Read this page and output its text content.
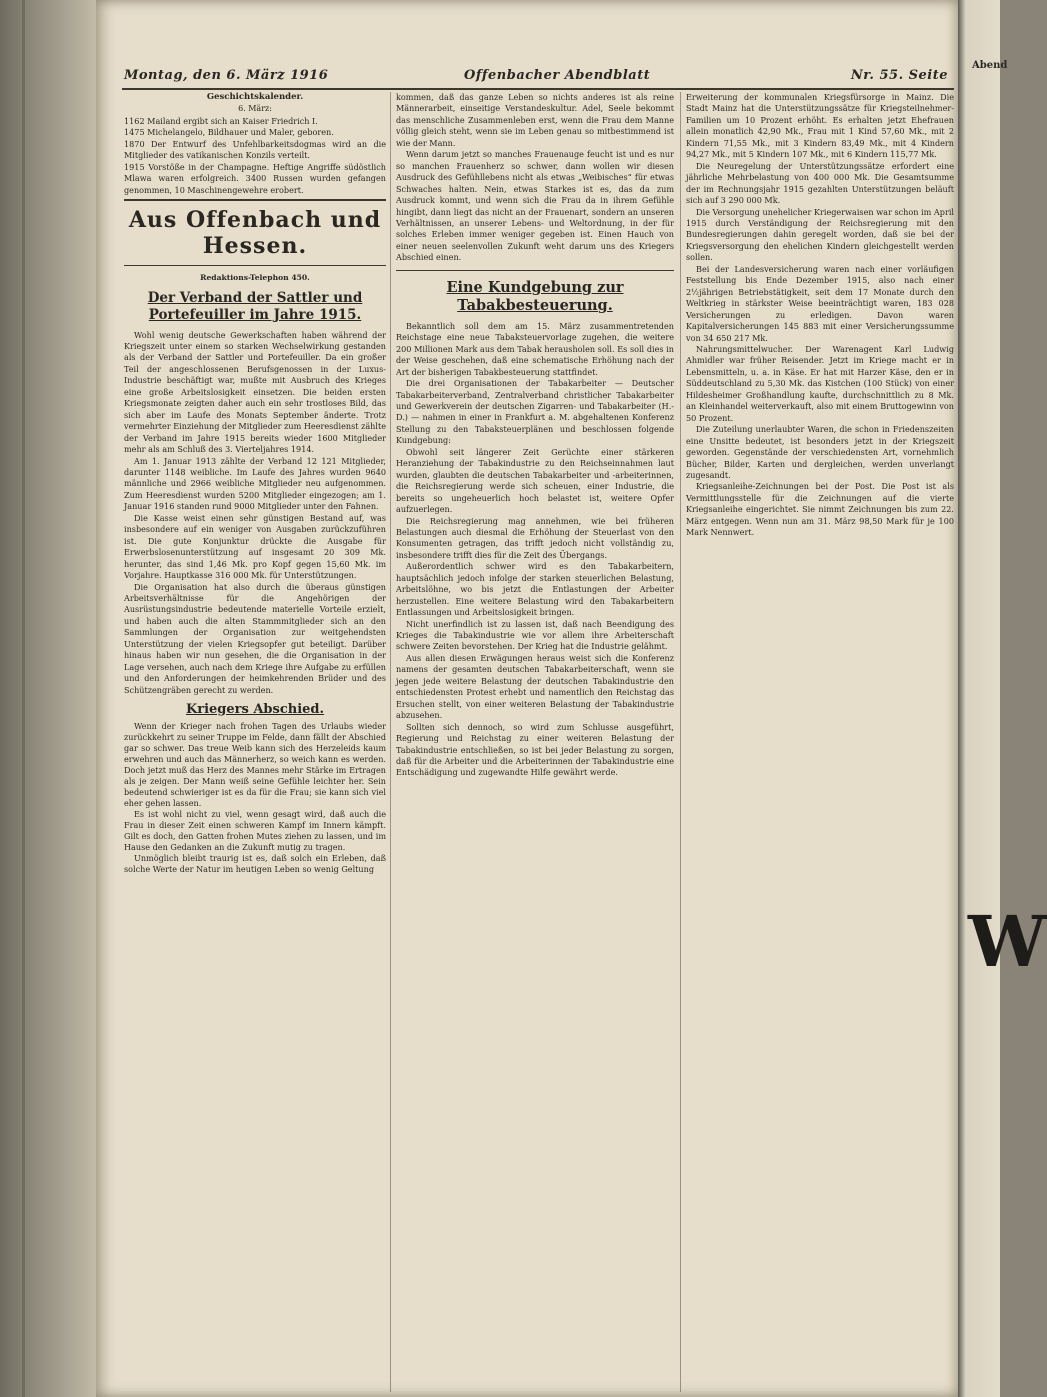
Montag, den 6. März 1916	Offenbacher Abendblatt	Nr. 55. Seite
Geschichtskalender.
6. März:
1162 Mailand ergibt sich an Kaiser Friedrich I.
1475 Michelangelo, Bildhauer und Maler, geboren.
1870 Der Entwurf des Unfehlbarkeitsdogmas wird an die Mitglieder des vatikanischen Konzils verteilt.
1915 Vorstöße in der Champagne. Heftige Angriffe südöstlich Mlawa waren erfolgreich. 3400 Russen wurden gefangen genommen, 10 Maschinengewehre erobert.
Aus Offenbach und Hessen.
Redaktions-Telephon 450.
Der Verband der Sattler und Portefeuiller im Jahre 1915.

Wohl wenig deutsche Gewerkschaften haben während der Kriegszeit unter einem so starken Wechselwirkung gestanden als der Verband der Sattler und Portefeuiller. Da ein großer Teil der angeschlossenen Berufsgenossen in der Luxus-Industrie beschäftigt war, mußte mit Ausbruch des Krieges eine große Arbeitslosigkeit einsetzen. Die beiden ersten Kriegsmonate zeigten daher auch ein sehr trostloses Bild, das sich aber im Laufe des Monats September änderte. Trotz vermehrter Einziehung der Mitglieder zum Heeresdienst zählte der Verband im Jahre 1915 bereits wieder 1600 Mitglieder mehr als am Schluß des 3. Vierteljahres 1914.

Am 1. Januar 1913 zählte der Verband 12 121 Mitglieder, darunter 1148 weibliche. Im Laufe des Jahres wurden 9640 männliche und 2966 weibliche Mitglieder neu aufgenommen. Zum Heeresdienst wurden 5200 Mitglieder eingezogen; am 1. Januar 1916 standen rund 9000 Mitglieder unter den Fahnen.

Die Kasse weist einen sehr günstigen Bestand auf, was insbesondere auf ein weniger von Ausgaben zurückzuführen ist. Die gute Konjunktur drückte die Ausgabe für Erwerbslosenunterstützung auf insgesamt 20 309 Mk. herunter, das sind 1,46 Mk. pro Kopf gegen 15,60 Mk. im Vorjahre. Hauptkasse 316 000 Mk. für Unterstützungen.

Die Organisation hat also durch die überaus günstigen Arbeitsverhältnisse für die Angehörigen der Ausrüstungsindustrie bedeutende materielle Vorteile erzielt, und haben auch die alten Stammmitglieder sich an den Sammlungen der Organisation zur weitgehendsten Unterstützung der vielen Kriegsopfer gut beteiligt. Darüber hinaus haben wir nun gesehen, die die Organisation in der Lage versehen, auch nach dem Kriege ihre Aufgabe zu erfüllen und den Anforderungen der heimkehrenden Brüder und des Schützengräben gerecht zu werden.

Kriegers Abschied.

Wenn der Krieger nach frohen Tagen des Urlaubs wieder zurückkehrt zu seiner Truppe im Felde, dann fällt der Abschied gar so schwer. Das treue Weib kann sich des Herzeleids kaum erwehren und auch das Männerherz, so weich kann es werden. Doch jetzt muß das Herz des Mannes mehr Stärke im Ertragen als je zeigen. Der Mann weiß seine Gefühle leichter her. Sein bedeutend schwieriger ist es da für die Frau; sie kann sich viel eher gehen lassen.

Es ist wohl nicht zu viel, wenn gesagt wird, daß auch die Frau in dieser Zeit einen schweren Kampf im Innern kämpft. Gilt es doch, den Gatten frohen Mutes ziehen zu lassen, und im Hause den Gedanken an die Zukunft mutig zu tragen.

Unmöglich bleibt traurig ist es, daß solch ein Erleben, daß solche Werte der Natur im heutigen Leben so wenig Geltung

kommen, daß das ganze Leben so nichts anderes ist als reine Männerarbeit, einseitige Verstandeskultur. Adel, Seele bekommt das menschliche Zusammenleben erst, wenn die Frau dem Manne völlig gleich steht, wenn sie im Leben genau so mitbestimmend ist wie der Mann.

Wenn darum jetzt so manches Frauenauge feucht ist und es nur so manchen Frauenherz so schwer, dann wollen wir diesen Ausdruck des Gefühllebens nicht als etwas „Weibisches“ für etwas Schwaches halten. Nein, etwas Starkes ist es, das da zum Ausdruck kommt, und wenn sich die Frau da in ihrem Gefühle hingibt, dann liegt das nicht an der Frauenart, sondern an unseren Verhältnissen, an unserer Lebens- und Weltordnung, in der für solches Erleben immer weniger gegeben ist. Einen Hauch von einer neuen seelenvollen Zukunft weht darum uns des Kriegers Abschied einen.

Eine Kundgebung zur Tabakbesteuerung.

Bekanntlich soll dem am 15. März zusammentretenden Reichstage eine neue Tabaksteuervorlage zugehen, die weitere 200 Millionen Mark aus dem Tabak herausholen soll. Es soll dies in der Weise geschehen, daß eine schematische Erhöhung nach der Art der bisherigen Tabakbesteuerung stattfindet.

Die drei Organisationen der Tabakarbeiter — Deutscher Tabakarbeiterverband, Zentralverband christlicher Tabakarbeiter und Gewerkverein der deutschen Zigarren- und Tabakarbeiter (H.-D.) — nahmen in einer in Frankfurt a. M. abgehaltenen Konferenz Stellung zu den Tabaksteuerplänen und beschlossen folgende Kundgebung:

Obwohl seit längerer Zeit Gerüchte einer stärkeren Heranziehung der Tabakindustrie zu den Reichseinnahmen laut wurden, glaubten die deutschen Tabakarbeiter und -arbeiterinnen, die Reichsregierung werde sich scheuen, einer Industrie, die bereits so ungeheuerlich hoch belastet ist, weitere Opfer aufzuerlegen.

Die Reichsregierung mag annehmen, wie bei früheren Belastungen auch diesmal die Erhöhung der Steuerlast von den Konsumenten getragen, das trifft jedoch nicht vollständig zu, insbesondere trifft dies für die Zeit des Übergangs.

Außerordentlich schwer wird es den Tabakarbeitern, hauptsächlich jedoch infolge der starken steuerlichen Belastung, Arbeitslöhne, wo bis jetzt die Entlastungen der Arbeiter herzustellen. Eine weitere Belastung wird den Tabakarbeitern Entlassungen und Arbeitslosigkeit bringen.

Nicht unerfindlich ist zu lassen ist, daß nach Beendigung des Krieges die Tabakindustrie wie vor allem ihre Arbeiterschaft schwere Zeiten bevorstehen. Der Krieg hat die Industrie gelähmt.

Aus allen diesen Erwägungen heraus weist sich die Konferenz namens der gesamten deutschen Tabakarbeiterschaft, wenn sie jegen jede weitere Belastung der deutschen Tabakindustrie den entschiedensten Protest erhebt und namentlich den Reichstag das Ersuchen stellt, von einer weiteren Belastung der Tabakindustrie abzusehen.

Sollten sich dennoch, so wird zum Schlusse ausgeführt, Regierung und Reichstag zu einer weiteren Belastung der Tabakindustrie entschließen, so ist bei jeder Belastung zu sorgen, daß für die Arbeiter und die Arbeiterinnen der Tabakindustrie eine Entschädigung und zugewandte Hilfe gewährt werde.

Erweiterung der kommunalen Kriegsfürsorge in Mainz. Die Stadt Mainz hat die Unterstützungssätze für Kriegsteilnehmer-Familien um 10 Prozent erhöht. Es erhalten jetzt Ehefrauen allein monatlich 42,90 Mk., Frau mit 1 Kind 57,60 Mk., mit 2 Kindern 71,55 Mk., mit 3 Kindern 83,49 Mk., mit 4 Kindern 94,27 Mk., mit 5 Kindern 107 Mk., mit 6 Kindern 115,77 Mk.

Die Neuregelung der Unterstützungssätze erfordert eine jährliche Mehrbelastung von 400 000 Mk. Die Gesamtsumme der im Rechnungsjahr 1915 gezahlten Unterstützungen beläuft sich auf 3 290 000 Mk.

Die Versorgung unehelicher Kriegerwaisen war schon im April 1915 durch Verständigung der Reichsregierung mit den Bundesregierungen dahin geregelt worden, daß sie bei der Kriegsversorgung den ehelichen Kindern gleichgestellt werden sollen.

Bei der Landesversicherung waren nach einer vorläufigen Feststellung bis Ende Dezember 1915, also nach einer 2½jährigen Betriebstätigkeit, seit dem 17 Monate durch den Weltkrieg in stärkster Weise beeinträchtigt waren, 183 028 Versicherungen zu erledigen. Davon waren Kapitalversicherungen 145 883 mit einer Versicherungssumme von 34 650 217 Mk.

Nahrungsmittelwucher. Der Warenagent Karl Ludwig Ahmidler war früher Reisender. Jetzt im Kriege macht er in Lebensmitteln, u. a. in Käse. Er hat mit Harzer Käse, den er in Süddeutschland zu 5,30 Mk. das Kistchen (100 Stück) von einer Hildesheimer Großhandlung kaufte, durchschnittlich zu 8 Mk. an Kleinhandel weiterverkauft, also mit einem Bruttogewinn von 50 Prozent.

Die Zuteilung unerlaubter Waren, die schon in Friedenszeiten eine Unsitte bedeutet, ist besonders jetzt in der Kriegszeit geworden. Gegenstände der verschiedensten Art, vornehmlich Bücher, Bilder, Karten und dergleichen, werden unverlangt zugesandt.

Kriegsanleihe-Zeichnungen bei der Post. Die Post ist als Vermittlungsstelle für die Zeichnungen auf die vierte Kriegsanleihe eingerichtet. Sie nimmt Zeichnungen bis zum 22. März entgegen. Wenn nun am 31. März 98,50 Mark für je 100 Mark Nennwert.

Abend
W
